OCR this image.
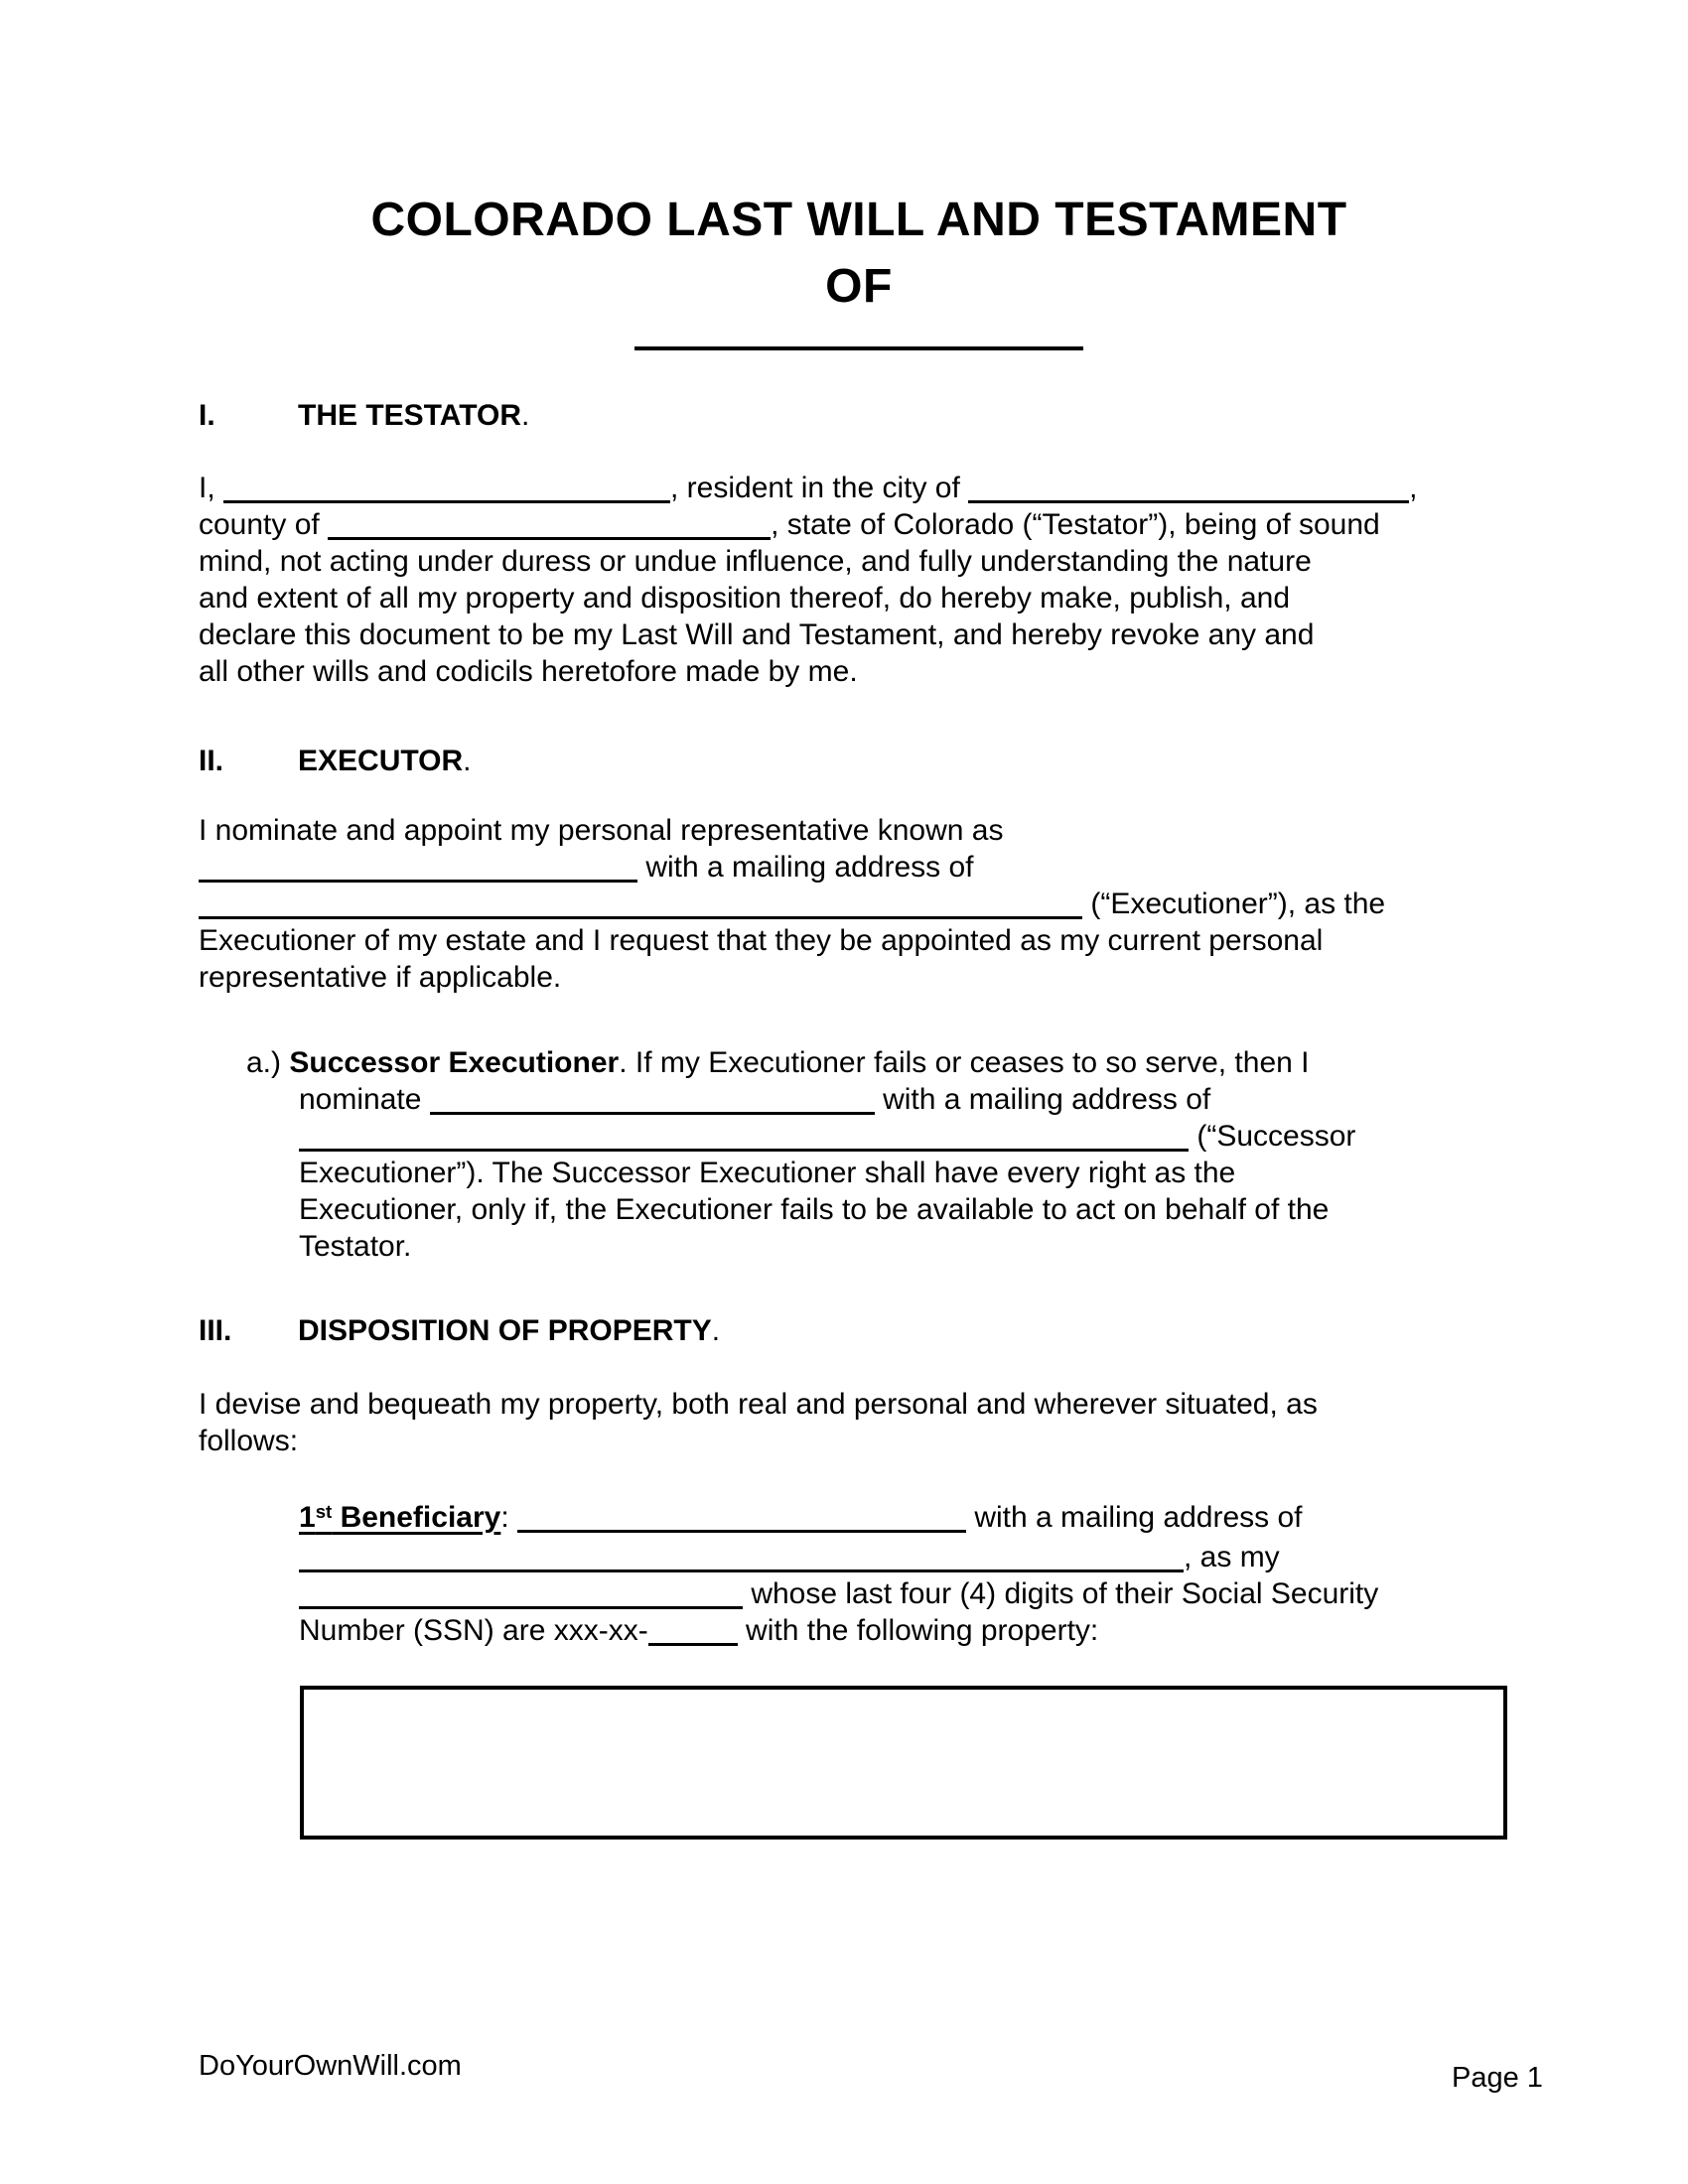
COLORADO LAST WILL AND TESTAMENT
OF
I.	THE TESTATOR.

I,	, resident in the city of	,
county of	, state of Colorado (“Testator”), being of sound
mind, not acting under duress or undue influence, and fully understanding the nature
and extent of all my property and disposition thereof, do hereby make, publish, and
declare this document to be my Last Will and Testament, and hereby revoke any and
all other wills and codicils heretofore made by me.

II. EXECUTOR.

I nominate and appoint my personal representative known as
with a mailing address of
(“Executioner”), as the
Executioner of my estate and I request that they be appointed as my current personal
representative if applicable.

a.) Successor Executioner. If my Executioner fails or ceases to so serve, then I
nominate	with a mailing address of
(“Successor
Executioner”). The Successor Executioner shall have every right as the
Executioner, only if, the Executioner fails to be available to act on behalf of the
Testator.

III. DISPOSITION OF PROPERTY.

I devise and bequeath my property, both real and personal and wherever situated, as
follows:

1st Beneficiary:	with a mailing address of
, as my
whose last four (4) digits of their Social Security
Number (SSN) are xxx-xx-	with the following property:

DoYourOwnWill.com	Page 1
